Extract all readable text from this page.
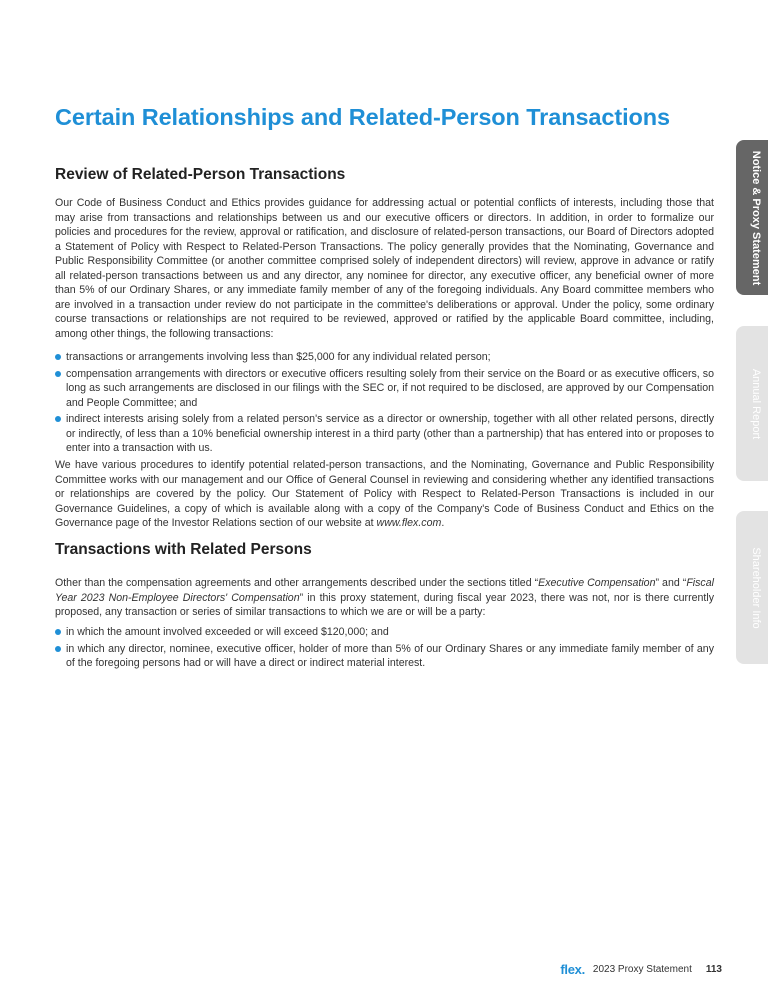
Certain Relationships and Related-Person Transactions
Review of Related-Person Transactions

Our Code of Business Conduct and Ethics provides guidance for addressing actual or potential conflicts of interests, including those that may arise from transactions and relationships between us and our executive officers or directors. In addition, in order to formalize our policies and procedures for the review, approval or ratification, and disclosure of related-person transactions, our Board of Directors adopted a Statement of Policy with Respect to Related-Person Transactions. The policy generally provides that the Nominating, Governance and Public Responsibility Committee (or another committee comprised solely of independent directors) will review, approve in advance or ratify all related-person transactions between us and any director, any nominee for director, any executive officer, any beneficial owner of more than 5% of our Ordinary Shares, or any immediate family member of any of the foregoing individuals. Any Board committee members who are involved in a transaction under review do not participate in the committee's deliberations or approval. Under the policy, some ordinary course transactions or relationships are not required to be reviewed, approved or ratified by the applicable Board committee, including, among other things, the following transactions:

transactions or arrangements involving less than $25,000 for any individual related person;
compensation arrangements with directors or executive officers resulting solely from their service on the Board or as executive officers, so long as such arrangements are disclosed in our filings with the SEC or, if not required to be disclosed, are approved by our Compensation and People Committee; and
indirect interests arising solely from a related person's service as a director or ownership, together with all other related persons, directly or indirectly, of less than a 10% beneficial ownership interest in a third party (other than a partnership) that has entered into or proposes to enter into a transaction with us.

We have various procedures to identify potential related-person transactions, and the Nominating, Governance and Public Responsibility Committee works with our management and our Office of General Counsel in reviewing and considering whether any identified transactions or relationships are covered by the policy. Our Statement of Policy with Respect to Related-Person Transactions is included in our Governance Guidelines, a copy of which is available along with a copy of the Company's Code of Business Conduct and Ethics on the Governance page of the Investor Relations section of our website at www.flex.com.

Transactions with Related Persons

Other than the compensation agreements and other arrangements described under the sections titled “Executive Compensation” and “Fiscal Year 2023 Non-Employee Directors' Compensation” in this proxy statement, during fiscal year 2023, there was not, nor is there currently proposed, any transaction or series of similar transactions to which we are or will be a party:

in which the amount involved exceeded or will exceed $120,000; and
in which any director, nominee, executive officer, holder of more than 5% of our Ordinary Shares or any immediate family member of any of the foregoing persons had or will have a direct or indirect material interest.
Notice & Proxy Statement
Annual Report
Shareholder Info
flex. 2023 Proxy Statement 113
